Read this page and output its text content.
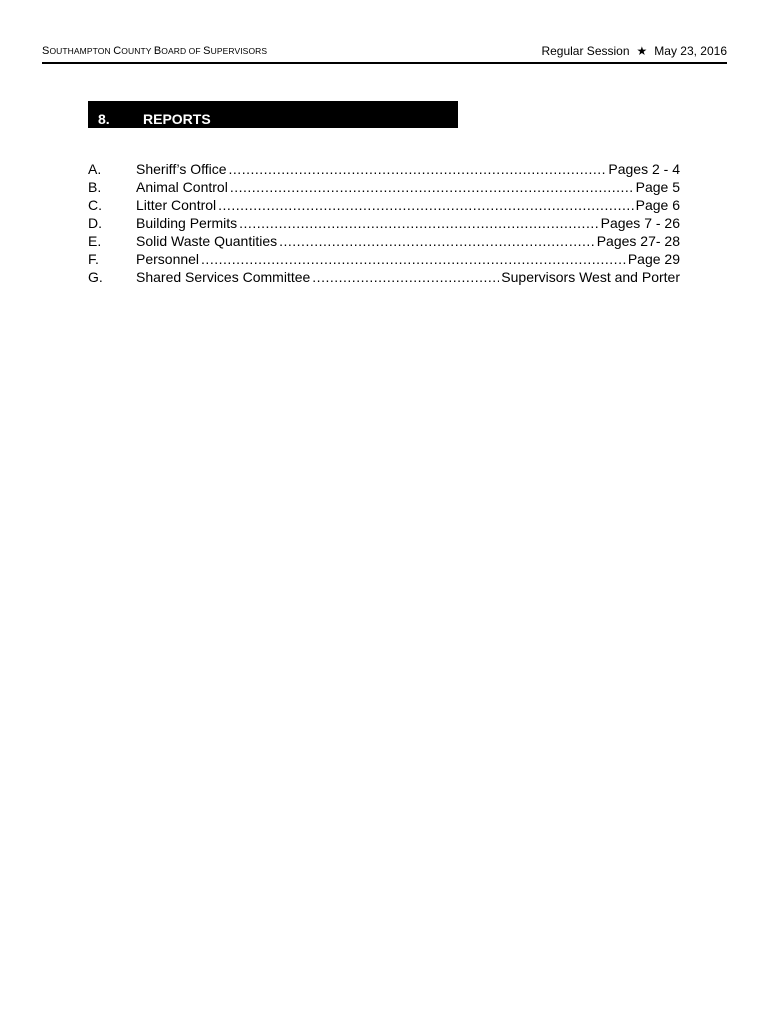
SOUTHAMPTON COUNTY BOARD OF SUPERVISORS	Regular Session ★ May 23, 2016
8. REPORTS
A.	Sheriff’s Office .....	Pages 2 - 4
B.	Animal Control .....	Page 5
C.	Litter Control .....	Page 6
D.	Building Permits .....	Pages 7 - 26
E.	Solid Waste Quantities .....	Pages 27- 28
F.	Personnel .....	Page 29
G.	Shared Services Committee .....	Supervisors West and Porter
